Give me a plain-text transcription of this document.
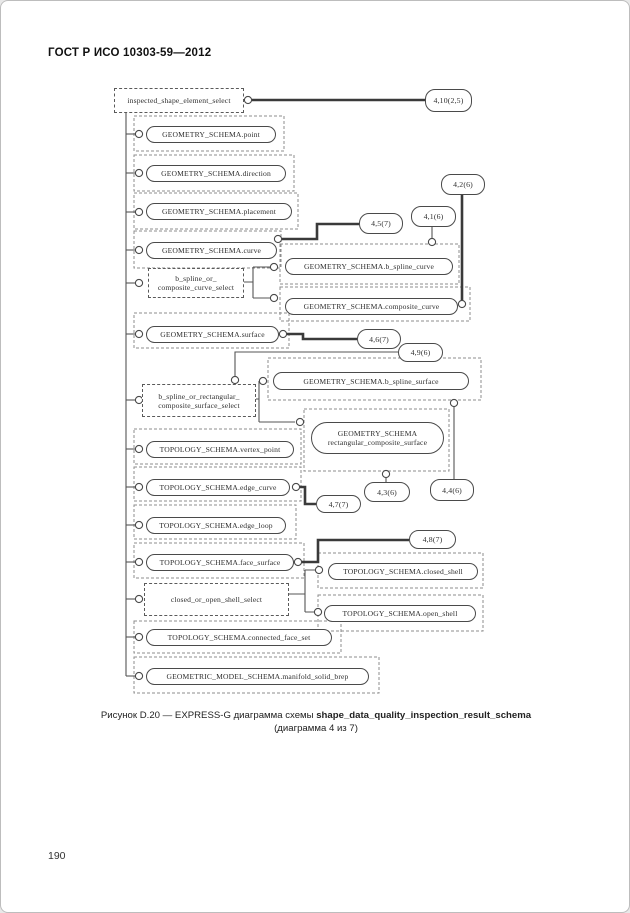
ГОСТ Р ИСО 10303-59—2012
GEOMETRY_SCHEMA.point
GEOMETRY_SCHEMA.direction
GEOMETRY_SCHEMA.placement
GEOMETRY_SCHEMA.curve
GEOMETRY_SCHEMA.b_spline_curve
GEOMETRY_SCHEMA.composite_curve
GEOMETRY_SCHEMA.surface
GEOMETRY_SCHEMA.b_spline_surface
GEOMETRY_SCHEMA
rectangular_composite_surface
TOPOLOGY_SCHEMA.vertex_point
TOPOLOGY_SCHEMA.edge_curve
TOPOLOGY_SCHEMA.edge_loop
TOPOLOGY_SCHEMA.face_surface
TOPOLOGY_SCHEMA.closed_shell
TOPOLOGY_SCHEMA.open_shell
TOPOLOGY_SCHEMA.connected_face_set
GEOMETRIC_MODEL_SCHEMA.manifold_solid_brep
inspected_shape_element_select
b_spline_or_
composite_curve_select
b_spline_or_rectangular_
composite_surface_select
closed_or_open_shell_select
4,10(2,5)
4,2(6)
4,1(6)
4,5(7)
4,6(7)
4,9(6)
4,3(6)	4,4(6)
4,7(7)
4,8(7)
Рисунок D.20 — EXPRESS-G диаграмма схемы shape_data_quality_inspection_result_schema
(диаграмма 4 из 7)
190
